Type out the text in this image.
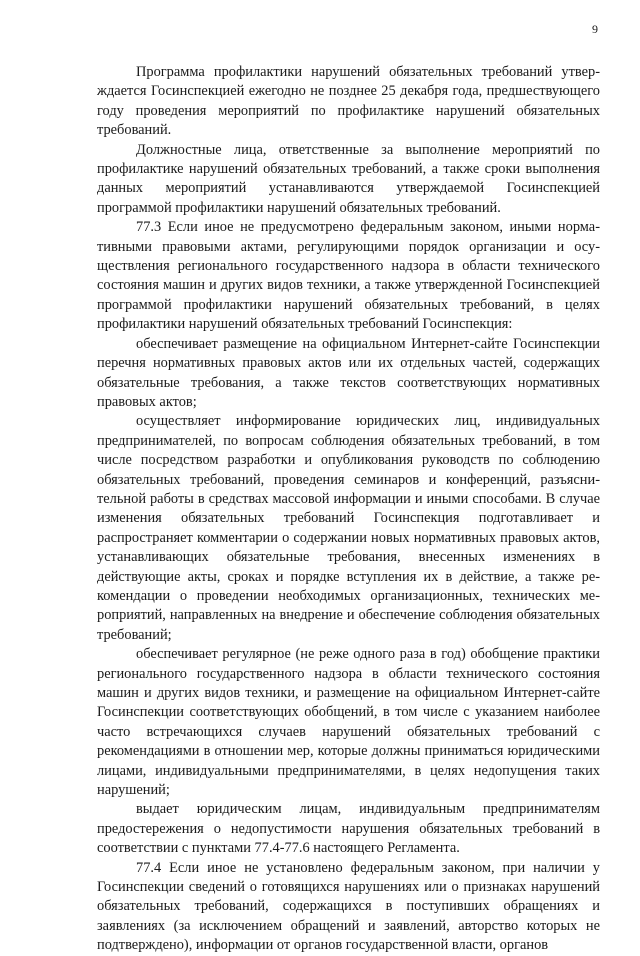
9

Программа профилактики нарушений обязательных требований утверждается Госинспекцией ежегодно не позднее 25 декабря года, предшествующего году проведения мероприятий по профилактике нарушений обязательных требований.

Должностные лица, ответственные за выполнение мероприятий по профилактике нарушений обязательных требований, а также сроки выполнения данных мероприятий устанавливаются утверждаемой Госинспекцией программой профилактики нарушений обязательных требований.

77.3 Если иное не предусмотрено федеральным законом, иными нормативными правовыми актами, регулирующими порядок организации и осуществления регионального государственного надзора в области технического состояния машин и других видов техники, а также утвержденной Госинспекцией программой профилактики нарушений обязательных требований, в целях профилактики нарушений обязательных требований Госинспекция:

обеспечивает размещение на официальном Интернет-сайте Госинспекции перечня нормативных правовых актов или их отдельных частей, содержащих обязательные требования, а также текстов соответствующих нормативных правовых актов;

осуществляет информирование юридических лиц, индивидуальных предпринимателей, по вопросам соблюдения обязательных требований, в том числе посредством разработки и опубликования руководств по соблюдению обязательных требований, проведения семинаров и конференций, разъяснительной работы в средствах массовой информации и иными способами. В случае изменения обязательных требований Госинспекция подготавливает и распространяет комментарии о содержании новых нормативных правовых актов, устанавливающих обязательные требования, внесенных изменениях в действующие акты, сроках и порядке вступления их в действие, а также рекомендации о проведении необходимых организационных, технических мероприятий, направленных на внедрение и обеспечение соблюдения обязательных требований;

обеспечивает регулярное (не реже одного раза в год) обобщение практики регионального государственного надзора в области технического состояния машин и других видов техники, и размещение на официальном Интернет-сайте Госинспекции соответствующих обобщений, в том числе с указанием наиболее часто встречающихся случаев нарушений обязательных требований с рекомендациями в отношении мер, которые должны приниматься юридическими лицами, индивидуальными предпринимателями, в целях недопущения таких нарушений;

выдает юридическим лицам, индивидуальным предпринимателям предостережения о недопустимости нарушения обязательных требований в соответствии с пунктами 77.4-77.6 настоящего Регламента.

77.4 Если иное не установлено федеральным законом, при наличии у Госинспекции сведений о готовящихся нарушениях или о признаках нарушений обязательных требований, содержащихся в поступивших обращениях и заявлениях (за исключением обращений и заявлений, авторство которых не подтверждено), информации от органов государственной власти, органов
